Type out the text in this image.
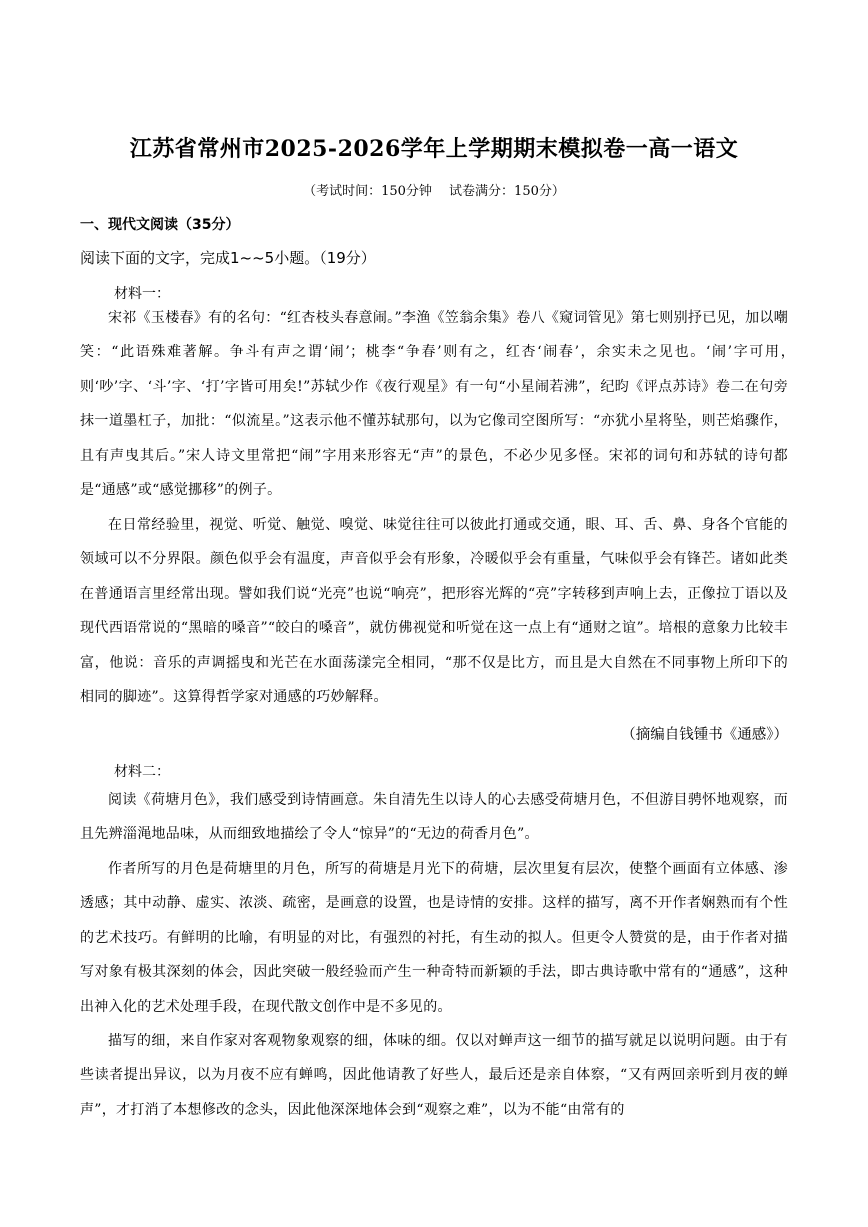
江苏省常州市2025-2026学年上学期期末模拟卷一高一语文
（考试时间：150分钟　 试卷满分：150分）
一、现代文阅读（35分）
阅读下面的文字，完成1~~5小题。（19分）
材料一：

宋祁《玉楼春》有的名句：“红杏枝头春意闹。”李渔《笠翁余集》卷八《窥词管见》第七则别抒已见，加以嘲笑：“此语殊难著解。争斗有声之谓‘闹’；桃李“争春’则有之，红杏‘闹春’，余实未之见也。‘闹’字可用，　　则‘吵’字、‘斗’字、‘打’字皆可用矣!”苏轼少作《夜行观星》有一句“小星闹若沸”，纪昀《评点苏诗》卷二在句旁抹一道墨杠子，加批：“似流星。”这表示他不懂苏轼那句，以为它像司空图所写：“亦犹小星将坠，则芒焰骤作，且有声曳其后。”宋人诗文里常把“闹”字用来形容无“声”的景色，不必少见多怪。宋祁的词句和苏轼的诗句都是“通感”或“感觉挪移”的例子。

在日常经验里，视觉、听觉、触觉、嗅觉、味觉往往可以彼此打通或交通，眼、耳、舌、鼻、身各个官能的领域可以不分界限。颜色似乎会有温度，声音似乎会有形象，冷暖似乎会有重量，气味似乎会有锋芒。诸如此类在普通语言里经常出现。譬如我们说“光亮”也说“响亮”，把形容光辉的“亮”字转移到声响上去，正像拉丁语以及现代西语常说的“黑暗的嗓音”“皎白的嗓音”，就仿佛视觉和听觉在这一点上有“通财之谊”。培根的意象力比较丰富，他说：音乐的声调摇曳和光芒在水面荡漾完全相同，“那不仅是比方，而且是大自然在不同事物上所印下的相同的脚迹”。这算得哲学家对通感的巧妙解释。

（摘编自钱锺书《通感》）
材料二：

阅读《荷塘月色》，我们感受到诗情画意。朱自清先生以诗人的心去感受荷塘月色，不但游目骋怀地观察，而且先辨淄渑地品味，从而细致地描绘了令人“惊异”的“无边的荷香月色”。

作者所写的月色是荷塘里的月色，所写的荷塘是月光下的荷塘，层次里复有层次，使整个画面有立体感、渗透感；其中动静、虚实、浓淡、疏密，是画意的设置，也是诗情的安排。这样的描写，离不开作者娴熟而有个性的艺术技巧。有鲜明的比喻，有明显的对比，有强烈的衬托，有生动的拟人。但更令人赞赏的是，由于作者对描写对象有极其深刻的体会，因此突破一般经验而产生一种奇特而新颖的手法，即古典诗歌中常有的“通感”，这种出神入化的艺术处理手段，在现代散文创作中是不多见的。

描写的细，来自作家对客观物象观察的细，体味的细。仅以对蝉声这一细节的描写就足以说明问题。由于有些读者提出异议，以为月夜不应有蝉鸣，因此他请教了好些人，最后还是亲自体察，“又有两回亲听到月夜的蝉声”，才打消了本想修改的念头，因此他深深地体会到“观察之难”，以为不能“由常有的
